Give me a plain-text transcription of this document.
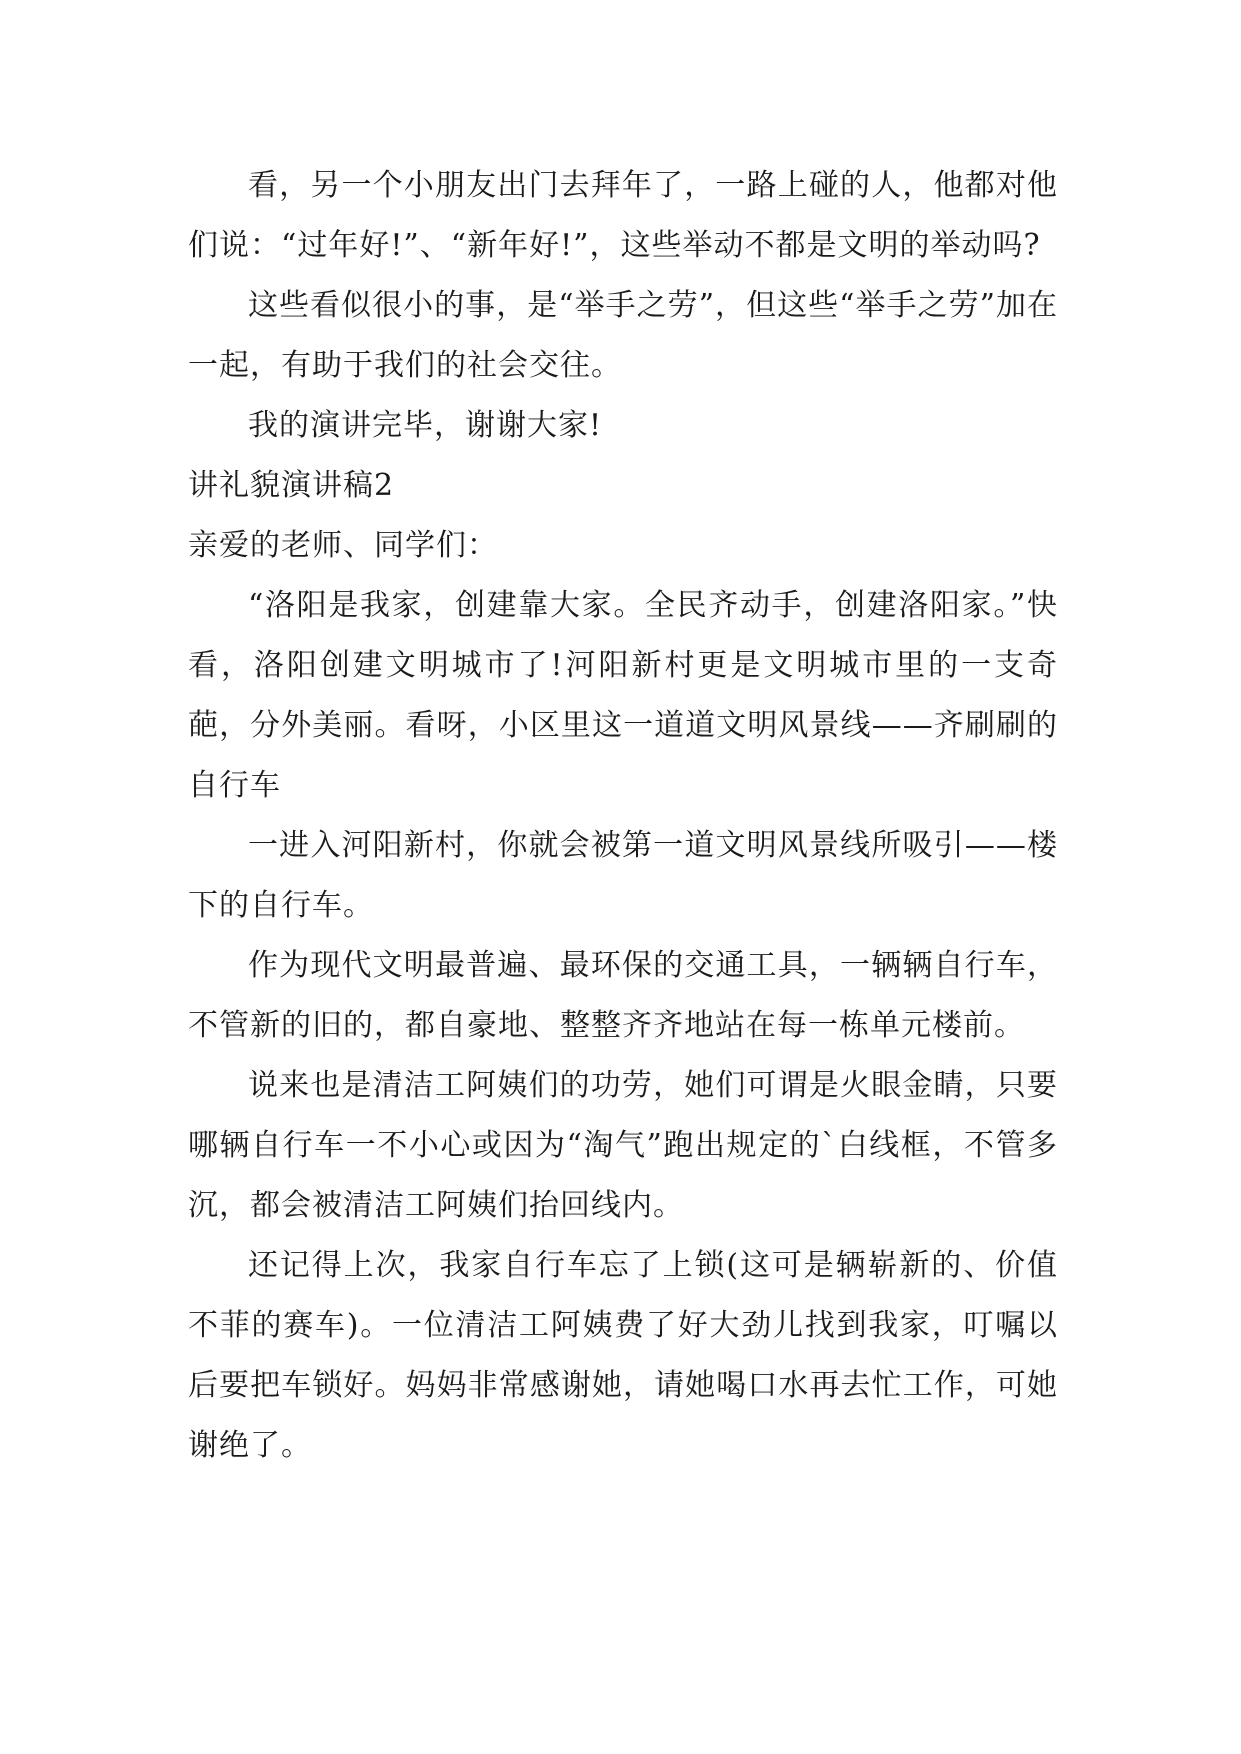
看，另一个小朋友出门去拜年了，一路上碰的人，他都对他们说：“过年好!”、“新年好!”，这些举动不都是文明的举动吗?

这些看似很小的事，是“举手之劳”，但这些“举手之劳”加在一起，有助于我们的社会交往。

我的演讲完毕，谢谢大家!

讲礼貌演讲稿2

亲爱的老师、同学们：

“洛阳是我家，创建靠大家。全民齐动手，创建洛阳家。”快看，洛阳创建文明城市了!河阳新村更是文明城市里的一支奇葩，分外美丽。看呀，小区里这一道道文明风景线——齐刷刷的自行车

一进入河阳新村，你就会被第一道文明风景线所吸引——楼下的自行车。

作为现代文明最普遍、最环保的交通工具，一辆辆自行车，不管新的旧的，都自豪地、整整齐齐地站在每一栋单元楼前。

说来也是清洁工阿姨们的功劳，她们可谓是火眼金睛，只要哪辆自行车一不小心或因为“淘气”跑出规定的`白线框，不管多沉，都会被清洁工阿姨们抬回线内。

还记得上次，我家自行车忘了上锁(这可是辆崭新的、价值不菲的赛车)。一位清洁工阿姨费了好大劲儿找到我家，叮嘱以后要把车锁好。妈妈非常感谢她，请她喝口水再去忙工作，可她谢绝了。
